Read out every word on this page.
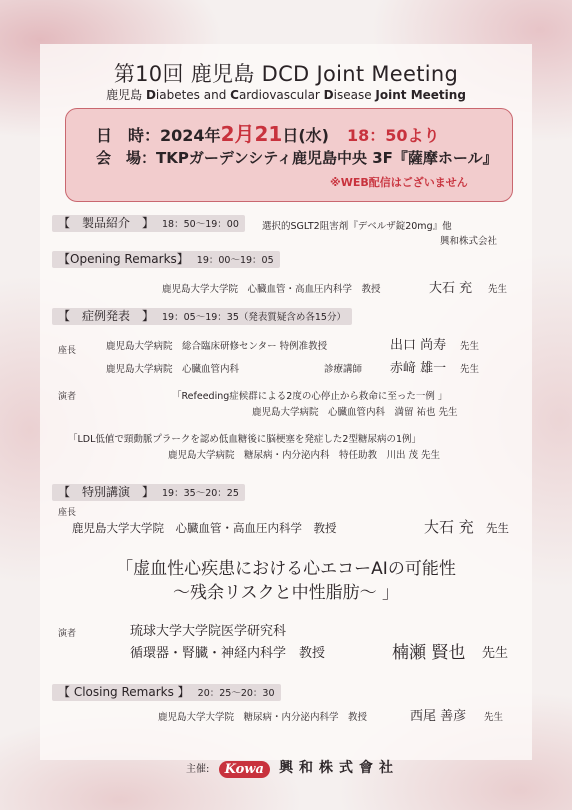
第10回 鹿児島 DCD Joint Meeting
鹿児島 Diabetes and Cardiovascular Disease Joint Meeting
日　時：2024年2月21日(水) 18：50より
会　場：TKPガーデンシティ鹿児島中央 3F『薩摩ホール』
※WEB配信はございません
【　製品紹介　】 18：50～19：00	選択的SGLT2阻害剤『デベルザ錠20mg』他
興和株式会社
【Opening Remarks】 19：00～19：05
鹿児島大学大学院　心臓血管・高血圧内科学　教授	大石 充 先生
【　症例発表　】 19：05～19：35（発表質疑含め各15分）
座長	鹿児島大学病院　総合臨床研修センター 特例准教授	出口 尚寿 先生
鹿児島大学病院　心臓血管内科	診療講師 赤﨑 雄一 先生
演者	「Refeeding症候群による2度の心停止から救命に至った一例 」
鹿児島大学病院　心臓血管内科　満留 祐也 先生
「LDL低値で頸動脈プラークを認め低血糖後に脳梗塞を発症した2型糖尿病の1例」
鹿児島大学病院　糖尿病・内分泌内科　特任助教　川出 茂 先生
【　特別講演　】 19：35～20：25
座長
鹿児島大学大学院　心臓血管・高血圧内科学　教授	大石 充 先生
「虚血性心疾患における心エコーAIの可能性
～残余リスクと中性脂肪～ 」
演者	琉球大学大学院医学研究科
循環器・腎臓・神経内科学　教授	楠瀬 賢也 先生
【 Closing Remarks 】 20：25～20：30
鹿児島大学大学院　糖尿病・内分泌内科学　教授	西尾 善彦 先生
主催: Kowa 興和株式會社
